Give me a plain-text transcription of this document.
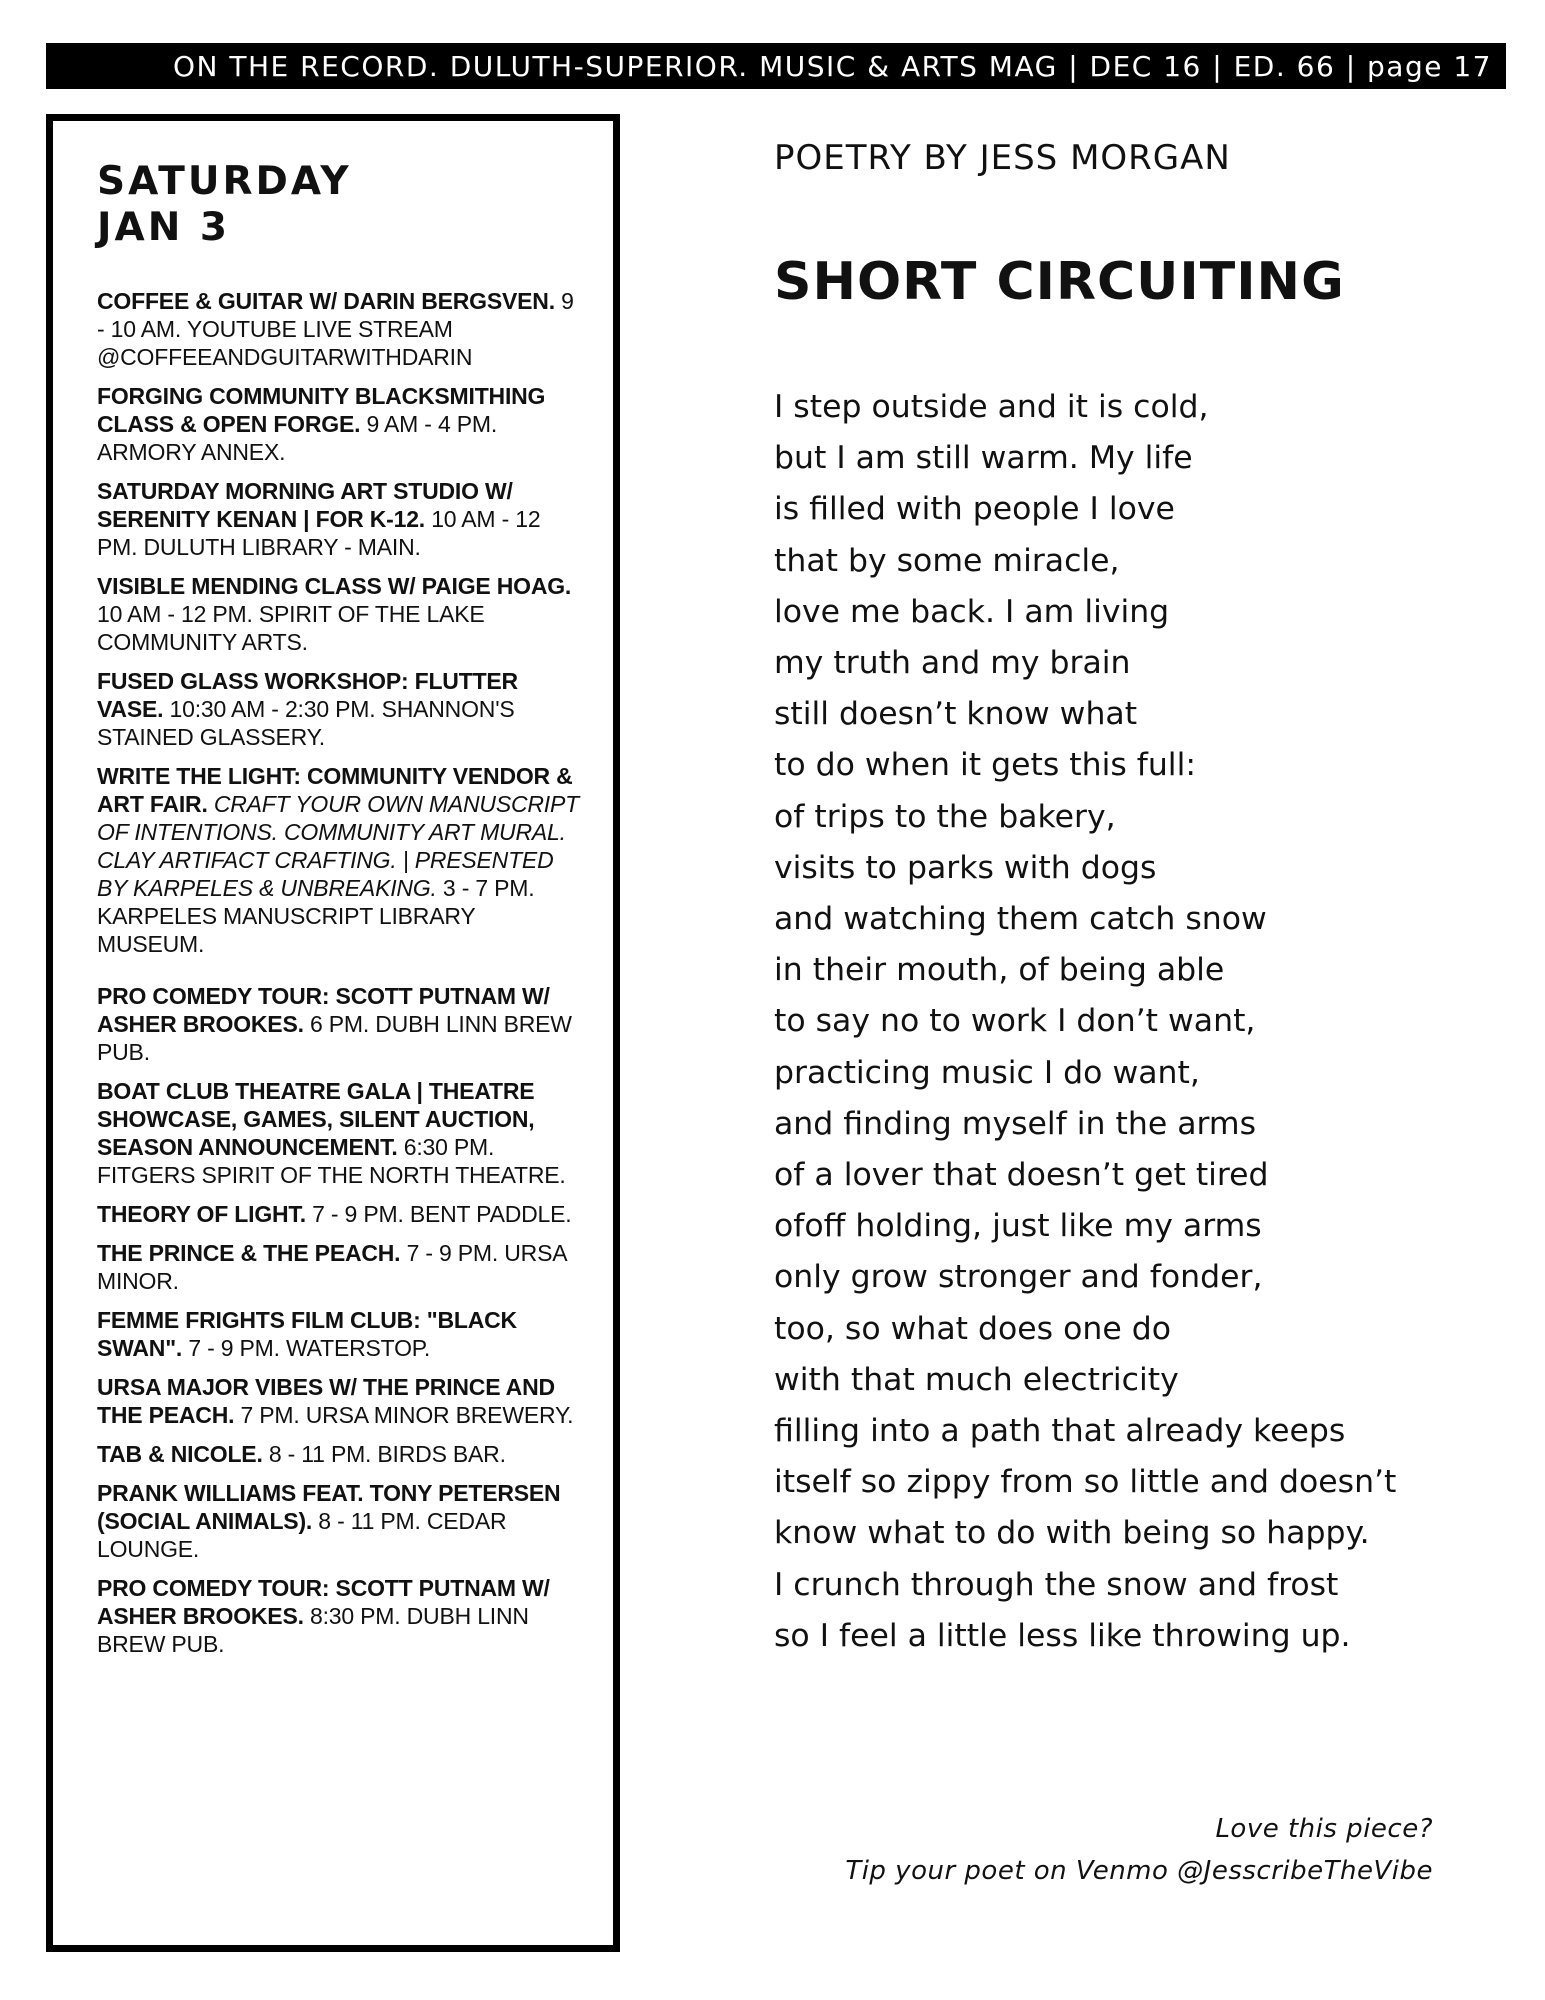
ON THE RECORD. DULUTH-SUPERIOR. MUSIC & ARTS MAG | DEC 16 | ED. 66 | page 17
SATURDAY
JAN 3
COFFEE & GUITAR W/ DARIN BERGSVEN. 9 - 10 AM. YOUTUBE LIVE STREAM @COFFEEANDGUITARWITHDARIN
FORGING COMMUNITY BLACKSMITHING CLASS & OPEN FORGE. 9 AM - 4 PM. ARMORY ANNEX.
SATURDAY MORNING ART STUDIO W/ SERENITY KENAN | FOR K-12. 10 AM - 12 PM. DULUTH LIBRARY - MAIN.
VISIBLE MENDING CLASS W/ PAIGE HOAG. 10 AM - 12 PM. SPIRIT OF THE LAKE COMMUNITY ARTS.
FUSED GLASS WORKSHOP: FLUTTER VASE. 10:30 AM - 2:30 PM. SHANNON'S STAINED GLASSERY.
WRITE THE LIGHT: COMMUNITY VENDOR & ART FAIR. CRAFT YOUR OWN MANUSCRIPT OF INTENTIONS. COMMUNITY ART MURAL. CLAY ARTIFACT CRAFTING. | PRESENTED BY KARPELES & UNBREAKING. 3 - 7 PM. KARPELES MANUSCRIPT LIBRARY MUSEUM.
PRO COMEDY TOUR: SCOTT PUTNAM W/ ASHER BROOKES. 6 PM. DUBH LINN BREW PUB.
BOAT CLUB THEATRE GALA | THEATRE SHOWCASE, GAMES, SILENT AUCTION, SEASON ANNOUNCEMENT. 6:30 PM. FITGERS SPIRIT OF THE NORTH THEATRE.
THEORY OF LIGHT. 7 - 9 PM. BENT PADDLE.
THE PRINCE & THE PEACH. 7 - 9 PM. URSA MINOR.
FEMME FRIGHTS FILM CLUB: "BLACK SWAN". 7 - 9 PM. WATERSTOP.
URSA MAJOR VIBES W/ THE PRINCE AND THE PEACH. 7 PM. URSA MINOR BREWERY.
TAB & NICOLE. 8 - 11 PM. BIRDS BAR.
PRANK WILLIAMS FEAT. TONY PETERSEN (SOCIAL ANIMALS). 8 - 11 PM. CEDAR LOUNGE.
PRO COMEDY TOUR: SCOTT PUTNAM W/ ASHER BROOKES. 8:30 PM. DUBH LINN BREW PUB.
POETRY BY JESS MORGAN
SHORT CIRCUITING
I step outside and it is cold,
but I am still warm. My life
is filled with people I love
that by some miracle,
love me back. I am living
my truth and my brain
still doesn’t know what
to do when it gets this full:
of trips to the bakery,
visits to parks with dogs
and watching them catch snow
in their mouth, of being able
to say no to work I don’t want,
practicing music I do want,
and finding myself in the arms
of a lover that doesn’t get tired
ofoff holding, just like my arms
only grow stronger and fonder,
too, so what does one do
with that much electricity
filling into a path that already keeps
itself so zippy from so little and doesn’t
know what to do with being so happy.
I crunch through the snow and frost
so I feel a little less like throwing up.
Love this piece?
Tip your poet on Venmo @JesscribeTheVibe
